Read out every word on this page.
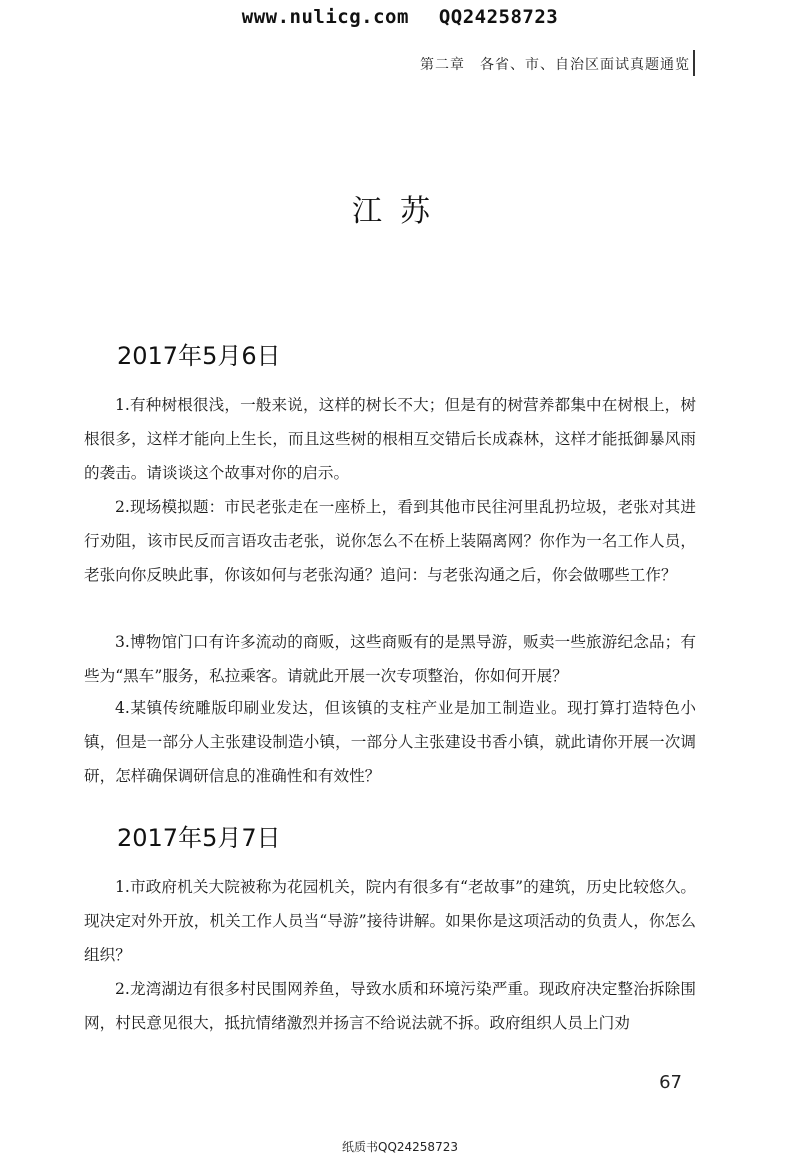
www.nulicg.com QQ24258723
第二章　各省、市、自治区面试真题通览
江苏
2017年5月6日
1.有种树根很浅，一般来说，这样的树长不大；但是有的树营养都集中在树根上，树根很多，这样才能向上生长，而且这些树的根相互交错后长成森林，这样才能抵御暴风雨的袭击。请谈谈这个故事对你的启示。
2.现场模拟题：市民老张走在一座桥上，看到其他市民往河里乱扔垃圾，老张对其进行劝阻，该市民反而言语攻击老张，说你怎么不在桥上装隔离网？你作为一名工作人员，老张向你反映此事，你该如何与老张沟通？追问：与老张沟通之后，你会做哪些工作？
3.博物馆门口有许多流动的商贩，这些商贩有的是黑导游，贩卖一些旅游纪念品；有些为“黑车”服务，私拉乘客。请就此开展一次专项整治，你如何开展？
4.某镇传统雕版印刷业发达，但该镇的支柱产业是加工制造业。现打算打造特色小镇，但是一部分人主张建设制造小镇，一部分人主张建设书香小镇，就此请你开展一次调研，怎样确保调研信息的准确性和有效性？
2017年5月7日
1.市政府机关大院被称为花园机关，院内有很多有“老故事”的建筑，历史比较悠久。现决定对外开放，机关工作人员当“导游”接待讲解。如果你是这项活动的负责人，你怎么组织？
2.龙湾湖边有很多村民围网养鱼，导致水质和环境污染严重。现政府决定整治拆除围网，村民意见很大，抵抗情绪激烈并扬言不给说法就不拆。政府组织人员上门劝
67
纸质书QQ24258723
